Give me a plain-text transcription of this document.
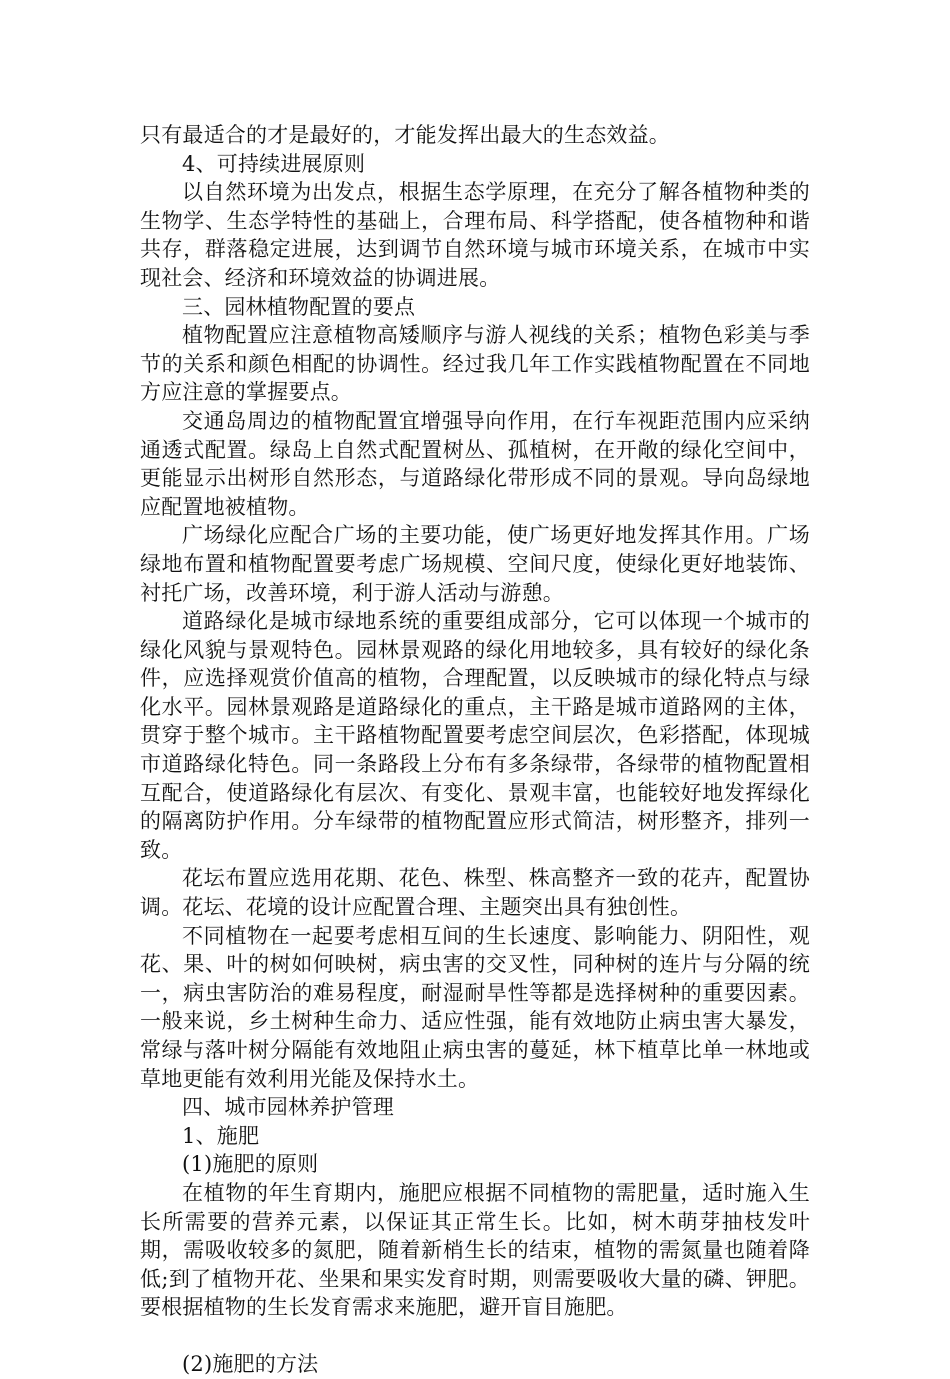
只有最适合的才是最好的，才能发挥出最大的生态效益。

4、可持续进展原则

以自然环境为出发点，根据生态学原理，在充分了解各植物种类的生物学、生态学特性的基础上，合理布局、科学搭配，使各植物种和谐共存，群落稳定进展，达到调节自然环境与城市环境关系，在城市中实现社会、经济和环境效益的协调进展。

三、园林植物配置的要点

植物配置应注意植物高矮顺序与游人视线的关系；植物色彩美与季节的关系和颜色相配的协调性。经过我几年工作实践植物配置在不同地方应注意的掌握要点。

交通岛周边的植物配置宜增强导向作用，在行车视距范围内应采纳通透式配置。绿岛上自然式配置树丛、孤植树，在开敞的绿化空间中，更能显示出树形自然形态，与道路绿化带形成不同的景观。导向岛绿地应配置地被植物。

广场绿化应配合广场的主要功能，使广场更好地发挥其作用。广场绿地布置和植物配置要考虑广场规模、空间尺度，使绿化更好地装饰、衬托广场，改善环境，利于游人活动与游憩。

道路绿化是城市绿地系统的重要组成部分，它可以体现一个城市的绿化风貌与景观特色。园林景观路的绿化用地较多，具有较好的绿化条件，应选择观赏价值高的植物，合理配置，以反映城市的绿化特点与绿化水平。园林景观路是道路绿化的重点，主干路是城市道路网的主体，贯穿于整个城市。主干路植物配置要考虑空间层次，色彩搭配，体现城市道路绿化特色。同一条路段上分布有多条绿带，各绿带的植物配置相互配合，使道路绿化有层次、有变化、景观丰富，也能较好地发挥绿化的隔离防护作用。分车绿带的植物配置应形式简洁，树形整齐，排列一致。

花坛布置应选用花期、花色、株型、株高整齐一致的花卉，配置协调。花坛、花境的设计应配置合理、主题突出具有独创性。

不同植物在一起要考虑相互间的生长速度、影响能力、阴阳性，观花、果、叶的树如何映树，病虫害的交叉性，同种树的连片与分隔的统一，病虫害防治的难易程度，耐湿耐旱性等都是选择树种的重要因素。一般来说，乡土树种生命力、适应性强，能有效地防止病虫害大暴发，常绿与落叶树分隔能有效地阻止病虫害的蔓延，林下植草比单一林地或草地更能有效利用光能及保持水土。

四、城市园林养护管理

1、施肥

(1)施肥的原则

在植物的年生育期内，施肥应根据不同植物的需肥量，适时施入生长所需要的营养元素，以保证其正常生长。比如，树木萌芽抽枝发叶期，需吸收较多的氮肥，随着新梢生长的结束，植物的需氮量也随着降低;到了植物开花、坐果和果实发育时期，则需要吸收大量的磷、钾肥。要根据植物的生长发育需求来施肥，避开盲目施肥。

(2)施肥的方法
